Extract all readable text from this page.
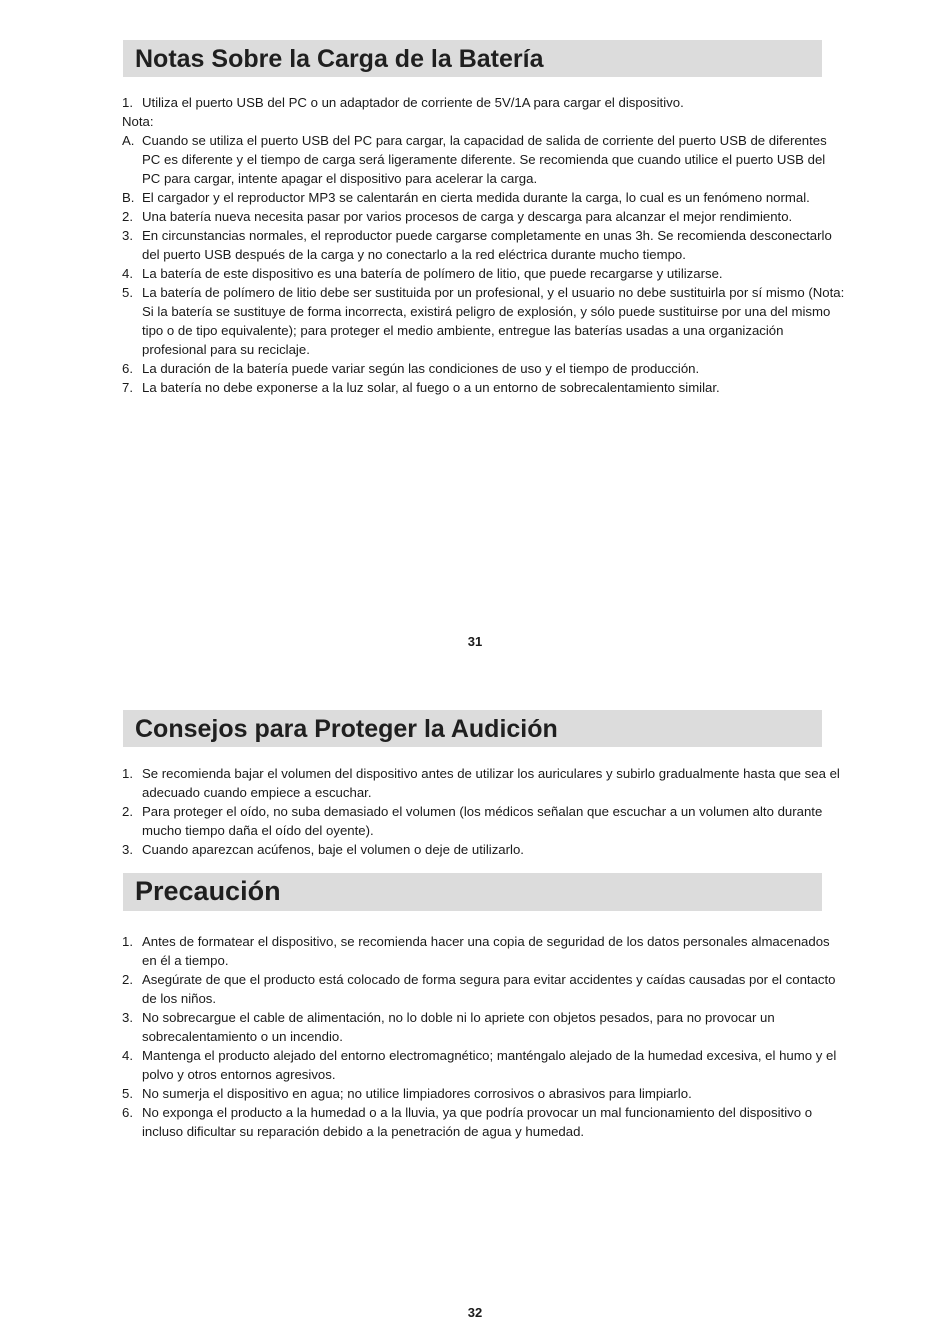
Notas Sobre la Carga de la Batería
1. Utiliza el puerto USB del PC o un adaptador de corriente de 5V/1A para cargar el dispositivo.
Nota:
A. Cuando se utiliza el puerto USB del PC para cargar, la capacidad de salida de corriente del puerto USB de diferentes PC es diferente y el tiempo de carga será ligeramente diferente. Se recomienda que cuando utilice el puerto USB del PC para cargar, intente apagar el dispositivo para acelerar la carga.
B. El cargador y el reproductor MP3 se calentarán en cierta medida durante la carga, lo cual es un fenómeno normal.
2. Una batería nueva necesita pasar por varios procesos de carga y descarga para alcanzar el mejor rendimiento.
3. En circunstancias normales, el reproductor puede cargarse completamente en unas 3h. Se recomienda desconectarlo del puerto USB después de la carga y no conectarlo a la red eléctrica durante mucho tiempo.
4. La batería de este dispositivo es una batería de polímero de litio, que puede recargarse y utilizarse.
5. La batería de polímero de litio debe ser sustituida por un profesional, y el usuario no debe sustituirla por sí mismo (Nota: Si la batería se sustituye de forma incorrecta, existirá peligro de explosión, y sólo puede sustituirse por una del mismo tipo o de tipo equivalente); para proteger el medio ambiente, entregue las baterías usadas a una organización profesional para su reciclaje.
6. La duración de la batería puede variar según las condiciones de uso y el tiempo de producción.
7. La batería no debe exponerse a la luz solar, al fuego o a un entorno de sobrecalentamiento similar.
31
Consejos para Proteger la Audición
1. Se recomienda bajar el volumen del dispositivo antes de utilizar los auriculares y subirlo gradualmente hasta que sea el adecuado cuando empiece a escuchar.
2. Para proteger el oído, no suba demasiado el volumen (los médicos señalan que escuchar a un volumen alto durante mucho tiempo daña el oído del oyente).
3. Cuando aparezcan acúfenos, baje el volumen o deje de utilizarlo.
Precaución
1. Antes de formatear el dispositivo, se recomienda hacer una copia de seguridad de los datos personales almacenados en él a tiempo.
2. Asegúrate de que el producto está colocado de forma segura para evitar accidentes y caídas causadas por el contacto de los niños.
3. No sobrecargue el cable de alimentación, no lo doble ni lo apriete con objetos pesados, para no provocar un sobrecalentamiento o un incendio.
4. Mantenga el producto alejado del entorno electromagnético; manténgalo alejado de la humedad excesiva, el humo y el polvo y otros entornos agresivos.
5. No sumerja el dispositivo en agua; no utilice limpiadores corrosivos o abrasivos para limpiarlo.
6. No exponga el producto a la humedad o a la lluvia, ya que podría provocar un mal funcionamiento del dispositivo o incluso dificultar su reparación debido a la penetración de agua y humedad.
32
